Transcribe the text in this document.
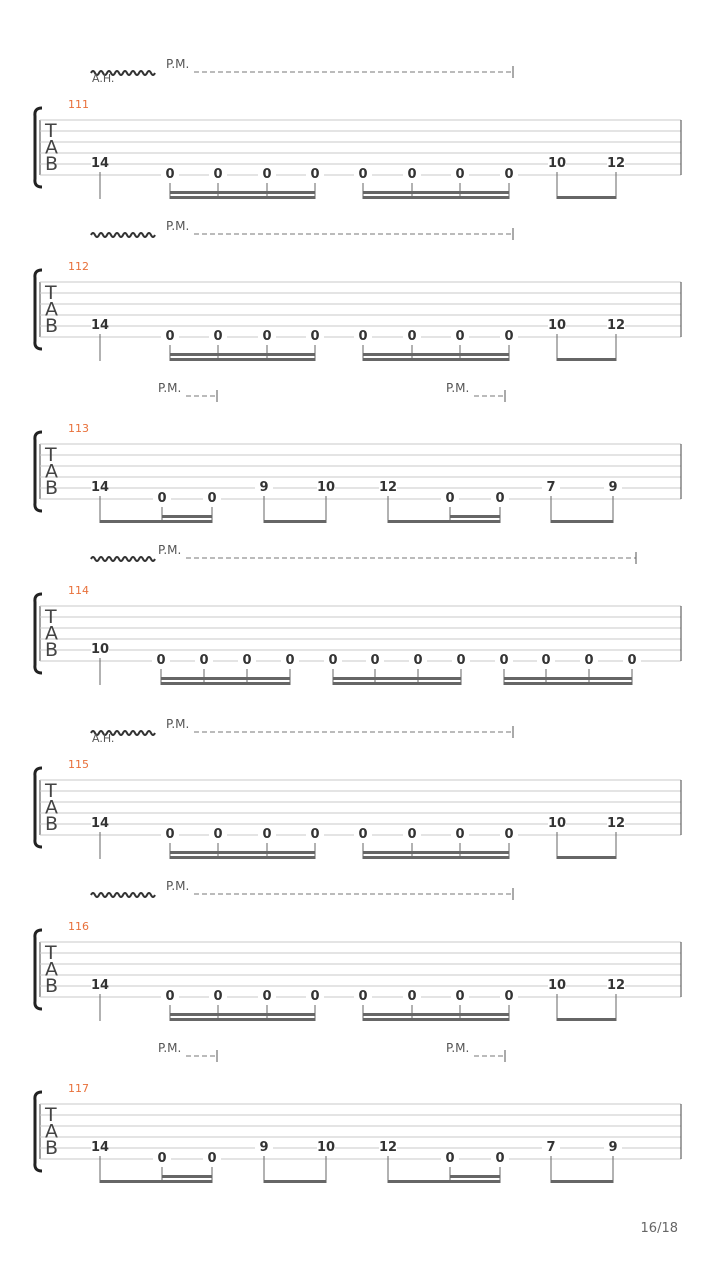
T
A
B
111
A.H.
P.M.
14
0	0	0	0	0	0	0	0
10	12
T
A
B
112
P.M.
14
0	0	0	0	0	0	0	0
10	12
T
A
B
113
P.M.	P.M.
14
0	0
9	10	12
0	0
7	9
T
A
B
114
P.M.
10
0	0	0	0	0	0	0	0	0	0	0	0
T
A
B
115
A.H.
P.M.
14
0	0	0	0	0	0	0	0
10	12
T
A
B
116
P.M.
14
0	0	0	0	0	0	0	0
10	12
T
A
B
117
P.M.	P.M.
14
0	0
9	10	12
0	0
7	9
16/18
